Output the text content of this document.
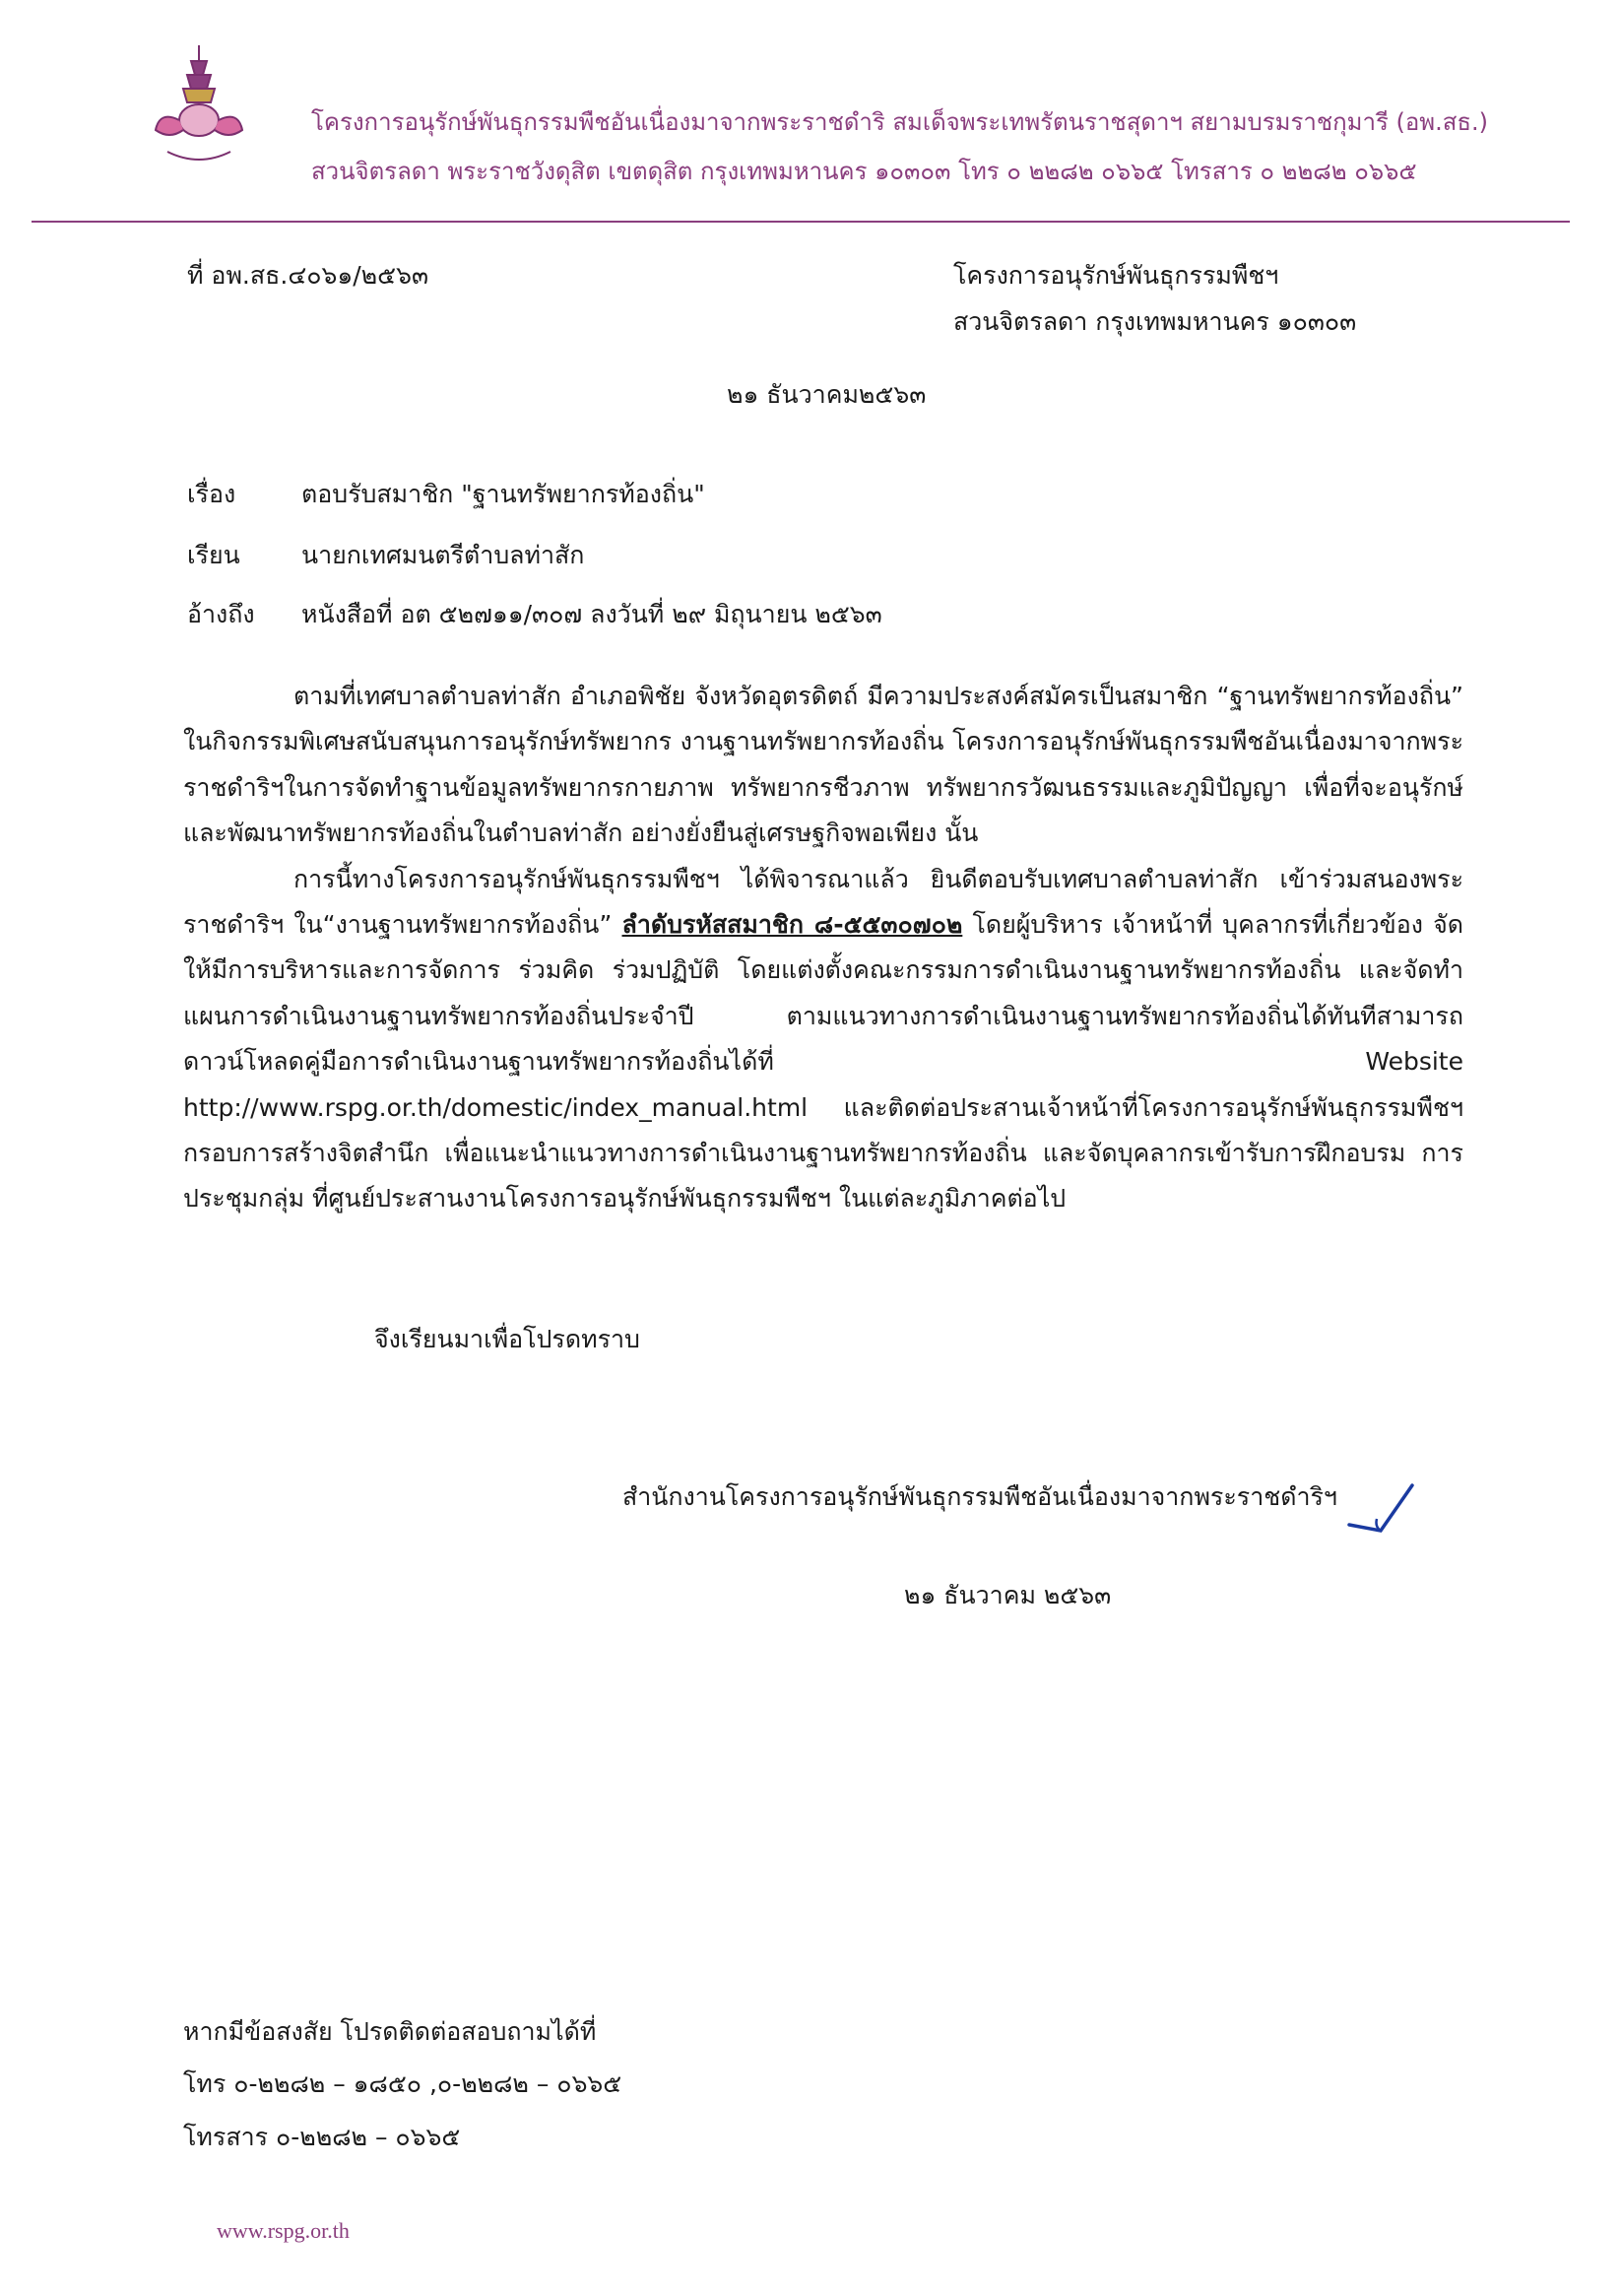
โครงการอนุรักษ์พันธุกรรมพืชอันเนื่องมาจากพระราชดำริ สมเด็จพระเทพรัตนราชสุดาฯ สยามบรมราชกุมารี (อพ.สธ.)
สวนจิตรลดา พระราชวังดุสิต เขตดุสิต กรุงเทพมหานคร ๑๐๓๐๓ โทร ๐ ๒๒๘๒ ๐๖๖๕ โทรสาร ๐ ๒๒๘๒ ๐๖๖๕
ที่ อพ.สธ.๔๐๖๑/๒๕๖๓	โครงการอนุรักษ์พันธุกรรมพืชฯ
สวนจิตรลดา กรุงเทพมหานคร ๑๐๓๐๓
๒๑ ธันวาคม๒๕๖๓
เรื่อง	ตอบรับสมาชิก "ฐานทรัพยากรท้องถิ่น"
เรียน	นายกเทศมนตรีตำบลท่าสัก
อ้างถึง	หนังสือที่ อต ๕๒๗๑๑/๓๐๗ ลงวันที่ ๒๙ มิถุนายน ๒๕๖๓

ตามที่เทศบาลตำบลท่าสัก อำเภอพิชัย จังหวัดอุตรดิตถ์ มีความประสงค์สมัครเป็นสมาชิก “ฐานทรัพยากรท้องถิ่น” ในกิจกรรมพิเศษสนับสนุนการอนุรักษ์ทรัพยากร งานฐานทรัพยากรท้องถิ่น โครงการอนุรักษ์พันธุกรรมพืชอันเนื่องมาจากพระราชดำริฯในการจัดทำฐานข้อมูลทรัพยากรกายภาพ ทรัพยากรชีวภาพ ทรัพยากรวัฒนธรรมและภูมิปัญญา เพื่อที่จะอนุรักษ์และพัฒนาทรัพยากรท้องถิ่นในตำบลท่าสัก อย่างยั่งยืนสู่เศรษฐกิจพอเพียง นั้น

การนี้ทางโครงการอนุรักษ์พันธุกรรมพืชฯ ได้พิจารณาแล้ว ยินดีตอบรับเทศบาลตำบลท่าสัก เข้าร่วมสนองพระราชดำริฯ ใน“งานฐานทรัพยากรท้องถิ่น” ลำดับรหัสสมาชิก ๘-๕๕๓๐๗๐๒ โดยผู้บริหาร เจ้าหน้าที่ บุคลากรที่เกี่ยวข้อง จัดให้มีการบริหารและการจัดการ ร่วมคิด ร่วมปฏิบัติ โดยแต่งตั้งคณะกรรมการดำเนินงานฐานทรัพยากรท้องถิ่น และจัดทำแผนการดำเนินงานฐานทรัพยากรท้องถิ่นประจำปี ตามแนวทางการดำเนินงานฐานทรัพยากรท้องถิ่นได้ทันทีสามารถดาวน์โหลดคู่มือการดำเนินงานฐานทรัพยากรท้องถิ่นได้ที่ Website http://www.rspg.or.th/domestic/index_manual.html และติดต่อประสานเจ้าหน้าที่โครงการอนุรักษ์พันธุกรรมพืชฯ กรอบการสร้างจิตสำนึก เพื่อแนะนำแนวทางการดำเนินงานฐานทรัพยากรท้องถิ่น และจัดบุคลากรเข้ารับการฝึกอบรม การประชุมกลุ่ม ที่ศูนย์ประสานงานโครงการอนุรักษ์พันธุกรรมพืชฯ ในแต่ละภูมิภาคต่อไป

จึงเรียนมาเพื่อโปรดทราบ
สำนักงานโครงการอนุรักษ์พันธุกรรมพืชอันเนื่องมาจากพระราชดำริฯ
๒๑ ธันวาคม ๒๕๖๓
หากมีข้อสงสัย โปรดติดต่อสอบถามได้ที่
โทร ๐-๒๒๘๒ – ๑๘๕๐ ,๐-๒๒๘๒ – ๐๖๖๕
โทรสาร ๐-๒๒๘๒ – ๐๖๖๕
www.rspg.or.th
